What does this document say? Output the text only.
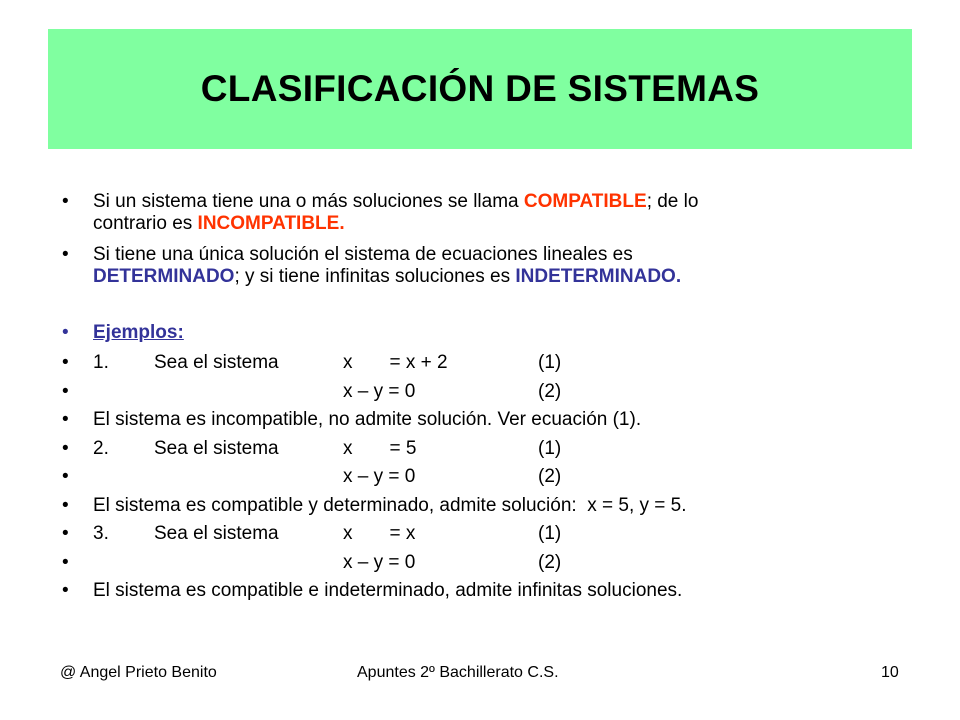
CLASIFICACIÓN DE SISTEMAS
• Si un sistema tiene una o más soluciones se llama COMPATIBLE; de lo
contrario es INCOMPATIBLE.
• Si tiene una única solución el sistema de ecuaciones lineales es
DETERMINADO; y si tiene infinitas soluciones es INDETERMINADO.
• Ejemplos:
• 1. Sea el sistema	x       = x + 2	(1)
•	x – y = 0	(2)
• El sistema es incompatible, no admite solución. Ver ecuación (1).
• 2. Sea el sistema	x       = 5	(1)
•	x – y = 0	(2)
• El sistema es compatible y determinado, admite solución:  x = 5, y = 5.
• 3. Sea el sistema	x       = x	(1)
•	x – y = 0	(2)
• El sistema es compatible e indeterminado, admite infinitas soluciones.
@ Angel Prieto Benito	Apuntes 2º Bachillerato C.S.	10
